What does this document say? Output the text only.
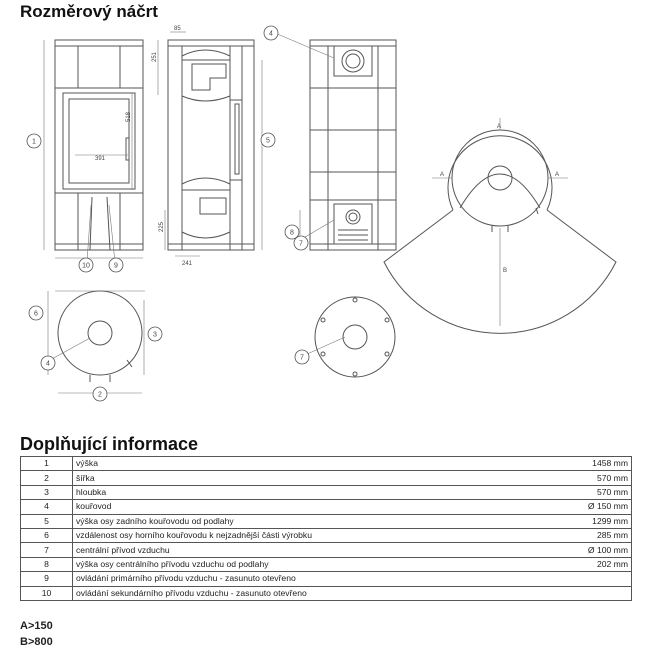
Rozměrový náčrt
1
4
5
8
7
10	9
6
3
4
2
7
85
251
518
391
225
241
A
A	A
B
Doplňující informace
1	výška	1458 mm
2	šířka	570 mm
3	hloubka	570 mm
4	kouřovod	Ø 150 mm
5	výška osy zadního kouřovodu od podlahy	1299 mm
6	vzdálenost osy horního kouřovodu k nejzadnější části výrobku	285 mm
7	centrální přívod vzduchu	Ø 100 mm
8	výška osy centrálního přívodu vzduchu od podlahy	202 mm
9	ovládání primárního přívodu vzduchu - zasunuto otevřeno	
10	ovládání sekundárního přívodu vzduchu - zasunuto otevřeno	
A>150
B>800
